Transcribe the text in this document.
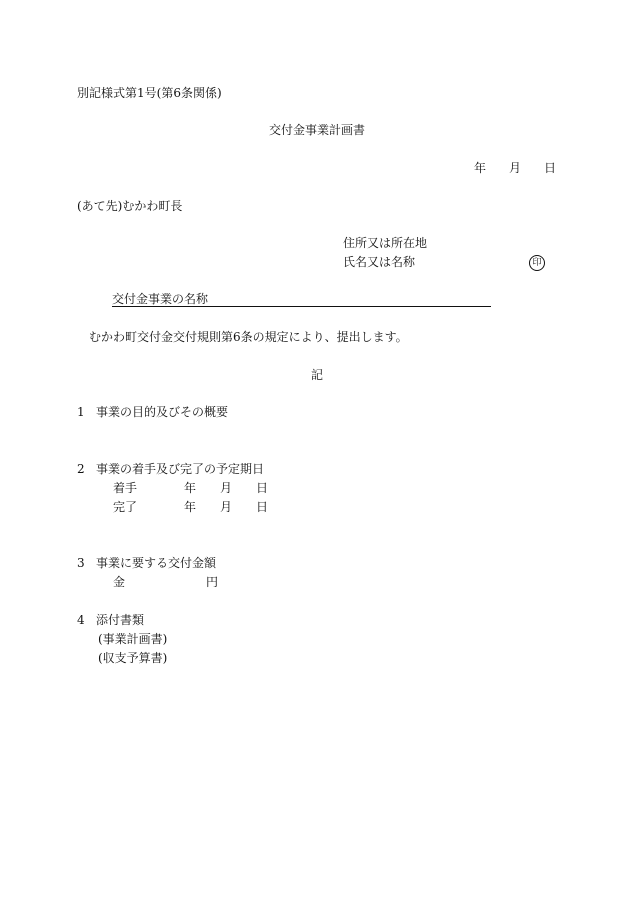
別記様式第1号(第6条関係)
交付金事業計画書
年 月 日
(あて先)むかわ町長
住所又は所在地
氏名又は名称	印
交付金事業の名称
むかわ町交付金交付規則第6条の規定により、提出します。
記
1 事業の目的及びその概要
2 事業の着手及び完了の予定期日
着手	年 月 日
完了	年 月 日
3 事業に要する交付金額
金	円
4 添付書類
(事業計画書)
(収支予算書)
